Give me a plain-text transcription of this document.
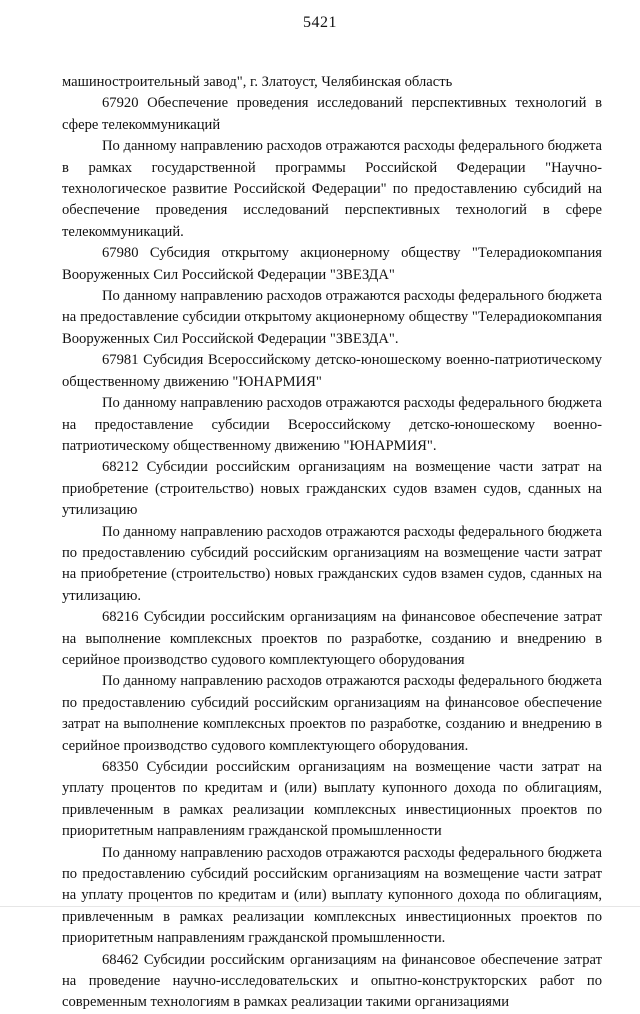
5421

машиностроительный завод", г. Златоуст, Челябинская область

67920 Обеспечение проведения исследований перспективных технологий в сфере телекоммуникаций

По данному направлению расходов отражаются расходы федерального бюджета в рамках государственной программы Российской Федерации "Научно-технологическое развитие Российской Федерации" по предоставлению субсидий на обеспечение проведения исследований перспективных технологий в сфере телекоммуникаций.

67980 Субсидия открытому акционерному обществу "Телерадиокомпания Вооруженных Сил Российской Федерации "ЗВЕЗДА"

По данному направлению расходов отражаются расходы федерального бюджета на предоставление субсидии открытому акционерному обществу "Телерадиокомпания Вооруженных Сил Российской Федерации "ЗВЕЗДА".

67981 Субсидия Всероссийскому детско-юношескому военно-патриотическому общественному движению "ЮНАРМИЯ"

По данному направлению расходов отражаются расходы федерального бюджета на предоставление субсидии Всероссийскому детско-юношескому военно-патриотическому общественному движению "ЮНАРМИЯ".

68212 Субсидии российским организациям на возмещение части затрат на приобретение (строительство) новых гражданских судов взамен судов, сданных на утилизацию

По данному направлению расходов отражаются расходы федерального бюджета по предоставлению субсидий российским организациям на возмещение части затрат на приобретение (строительство) новых гражданских судов взамен судов, сданных на утилизацию.

68216 Субсидии российским организациям на финансовое обеспечение затрат на выполнение комплексных проектов по разработке, созданию и внедрению в серийное производство судового комплектующего оборудования

По данному направлению расходов отражаются расходы федерального бюджета по предоставлению субсидий российским организациям на финансовое обеспечение затрат на выполнение комплексных проектов по разработке, созданию и внедрению в серийное производство судового комплектующего оборудования.

68350 Субсидии российским организациям на возмещение части затрат на уплату процентов по кредитам и (или) выплату купонного дохода по облигациям, привлеченным в рамках реализации комплексных инвестиционных проектов по приоритетным направлениям гражданской промышленности

По данному направлению расходов отражаются расходы федерального бюджета по предоставлению субсидий российским организациям на возмещение части затрат на уплату процентов по кредитам и (или) выплату купонного дохода по облигациям, привлеченным в рамках реализации комплексных инвестиционных проектов по приоритетным направлениям гражданской промышленности.

68462 Субсидии российским организациям на финансовое обеспечение затрат на проведение научно-исследовательских и опытно-конструкторских работ по современным технологиям в рамках реализации такими организациями
